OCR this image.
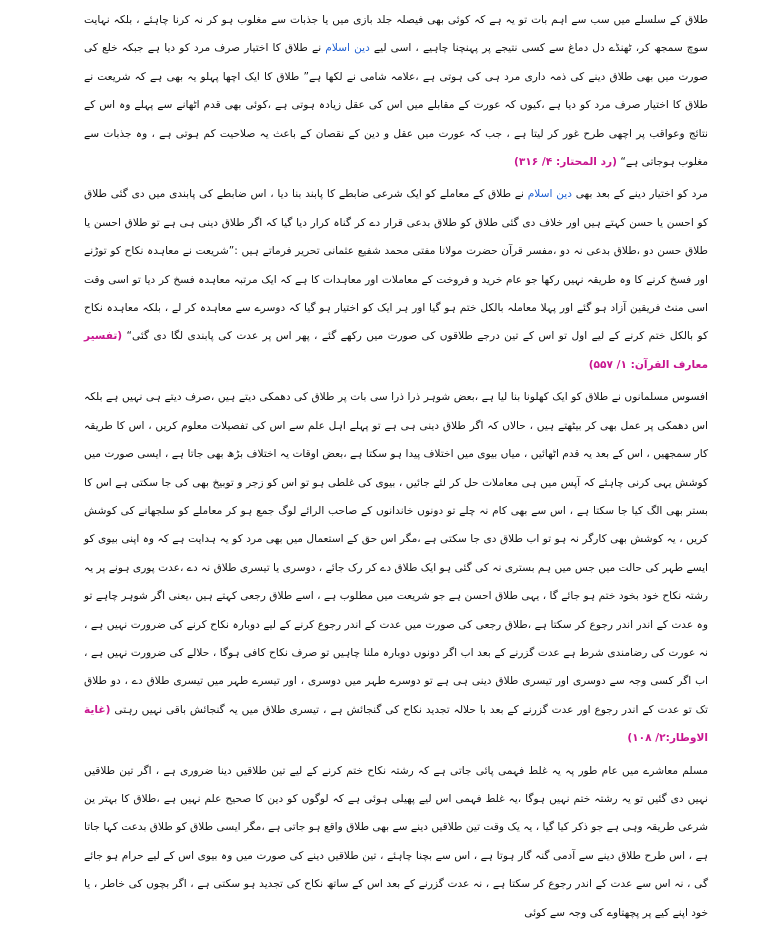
طلاق کے سلسلے میں سب سے اہم بات تو یہ ہے کہ کوئی بھی فیصلہ جلد بازی میں یا جذبات سے مغلوب ہو کر نہ کرنا چاہئے ، بلکہ نہایت سوچ سمجھ کر، ٹھنڈے دل دماغ سے کسی نتیجے پر پہنچنا چاہیے ، اسی لیے دین اسلام نے طلاق کا اختیار صرف مرد کو دیا ہے جبکہ خلع کی صورت میں بھی طلاق دینے کی ذمہ داری مرد ہی کی ہوتی ہے ،علامہ شامی نے لکھا ہے” طلاق کا ایک اچھا پہلو یہ بھی ہے کہ شریعت نے طلاق کا اختیار صرف مرد کو دیا ہے ،کیوں کہ عورت کے مقابلے میں اس کی عقل زیادہ ہوتی ہے ،کوئی بھی قدم اٹھانے سے پہلے وہ اس کے نتائج وعواقب پر اچھی طرح غور کر لیتا ہے ، جب کہ عورت میں عقل و دین کے نقصان کے باعث یہ صلاحیت کم ہوتی ہے ، وہ جذبات سے مغلوب ہوجاتی ہے“ (رد المحتار: ۴/ ۳۱۶)

مرد کو اختیار دینے کے بعد بھی دین اسلام نے طلاق کے معاملے کو ایک شرعی ضابطے کا پابند بنا دیا ، اس ضابطے کی پابندی میں دی گئی طلاق کو احسن یا حسن کہتے ہیں اور خلاف دی گئی طلاق کو طلاق بدعی قرار دے کر گناہ کرار دیا گیا کہ اگر طلاق دینی ہی ہے تو طلاق احسن یا طلاق حسن دو ،طلاق بدعی نہ دو ،مفسر قرآن حضرت مولانا مفتی محمد شفیع عثمانی تحریر فرماتے ہیں :”شریعت نے معاہدہ نکاح کو توڑنے اور فسخ کرنے کا وہ طریقہ نہیں رکھا جو عام خرید و فروخت کے معاملات اور معاہدات کا ہے کہ ایک مرتبہ معاہدہ فسخ کر دیا تو اسی وقت اسی منٹ فریقین آزاد ہو گئے اور پہلا معاملہ بالکل ختم ہو گیا اور ہر ایک کو اختیار ہو گیا کہ دوسرے سے معاہدہ کر لے ، بلکہ معاہدہ نکاح کو بالکل ختم کرنے کے لیے اول تو اس کے تین درجے طلاقوں کی صورت میں رکھے گئے ، پھر اس پر عدت کی پابندی لگا دی گئی“ (تفسیر معارف القرآن: ۱/ ۵۵۷)

افسوس مسلمانوں نے طلاق کو ایک کھلونا بنا لیا ہے ،بعض شوہر ذرا ذرا سی بات پر طلاق کی دھمکی دیتے ہیں ،صرف دیتے ہی نہیں ہے بلکہ اس دھمکی پر عمل بھی کر بیٹھتے ہیں ، حالاں کہ اگر طلاق دینی ہی ہے تو پہلے اہل علم سے اس کی تفصیلات معلوم کریں ، اس کا طریقہ کار سمجھیں ، اس کے بعد یہ قدم اٹھائیں ، میاں بیوی میں اختلاف پیدا ہو سکتا ہے ،بعض اوقات یہ اختلاف بڑھ بھی جاتا ہے ، ایسی صورت میں کوشش یہی کرنی چاہئے کہ آپس میں ہی معاملات حل کر لئے جائیں ، بیوی کی غلطی ہو تو اس کو زجر و توبیخ بھی کی جا سکتی ہے اس کا بستر بھی الگ کیا جا سکتا ہے ، اس سے بھی کام نہ چلے تو دونوں خاندانوں کے صاحب الرائے لوگ جمع ہو کر معاملے کو سلجھانے کی کوشش کریں ، یہ کوشش بھی کارگر نہ ہو تو اب طلاق دی جا سکتی ہے ،مگر اس حق کے استعمال میں بھی مرد کو یہ ہدایت ہے کہ وہ اپنی بیوی کو ایسے طہر کی حالت میں جس میں ہم بستری نہ کی گئی ہو ایک طلاق دے کر رک جائے ، دوسری یا تیسری طلاق نہ دے ،عدت پوری ہونے پر یہ رشتہ نکاح خود بخود ختم ہو جائے گا ، یہی طلاق احسن ہے جو شریعت میں مطلوب ہے ، اسے طلاق رجعی کہتے ہیں ،یعنی اگر شوہر چاہے تو وہ عدت کے اندر اندر رجوع کر سکتا ہے ،طلاق رجعی کی صورت میں عدت کے اندر رجوع کرنے کے لیے دوبارہ نکاح کرنے کی ضرورت نہیں ہے ، نہ عورت کی رضامندی شرط ہے عدت گزرنے کے بعد اب اگر دونوں دوبارہ ملنا چاہیں تو صرف نکاح کافی ہوگا ، حلالے کی ضرورت نہیں ہے ، اب اگر کسی وجہ سے دوسری اور تیسری طلاق دینی ہی ہے تو دوسرے طہر میں دوسری ، اور تیسرے طہر میں تیسری طلاق دے ، دو طلاق تک تو عدت کے اندر رجوع اور عدت گزرنے کے بعد با حلالہ تجدید نکاح کی گنجائش ہے ، تیسری طلاق میں یہ گنجائش باقی نہیں رہتی (غایة الاوطار:۲/ ۱۰۸)

مسلم معاشرے میں عام طور پہ یہ غلط فہمی پائی جاتی ہے کہ رشتہ نکاح ختم کرنے کے لیے تین طلاقیں دینا ضروری ہے ، اگر تین طلاقیں نہیں دی گئیں تو یہ رشتہ ختم نہیں ہوگا ،یہ غلط فہمی اس لیے پھیلی ہوئی ہے کہ لوگوں کو دین کا صحیح علم نہیں ہے ،طلاق کا بہتر ین شرعی طریقہ وہی ہے جو ذکر کیا گیا ، یہ یک وقت تین طلاقیں دینے سے بھی طلاق واقع ہو جاتی ہے ،مگر ایسی طلاق کو طلاق بدعت کہا جاتا ہے ، اس طرح طلاق دینے سے آدمی گنہ گار ہوتا ہے ، اس سے بچنا چاہئے ، تین طلاقیں دینے کی صورت میں وہ بیوی اس کے لیے حرام ہو جائے گی ، نہ اس سے عدت کے اندر رجوع کر سکتا ہے ، نہ عدت گزرنے کے بعد اس کے ساتھ نکاح کی تجدید ہو سکتی ہے ، اگر بچوں کی خاطر ، یا خود اپنے کیے پر پچھتاوے کی وجہ سے کوئی
